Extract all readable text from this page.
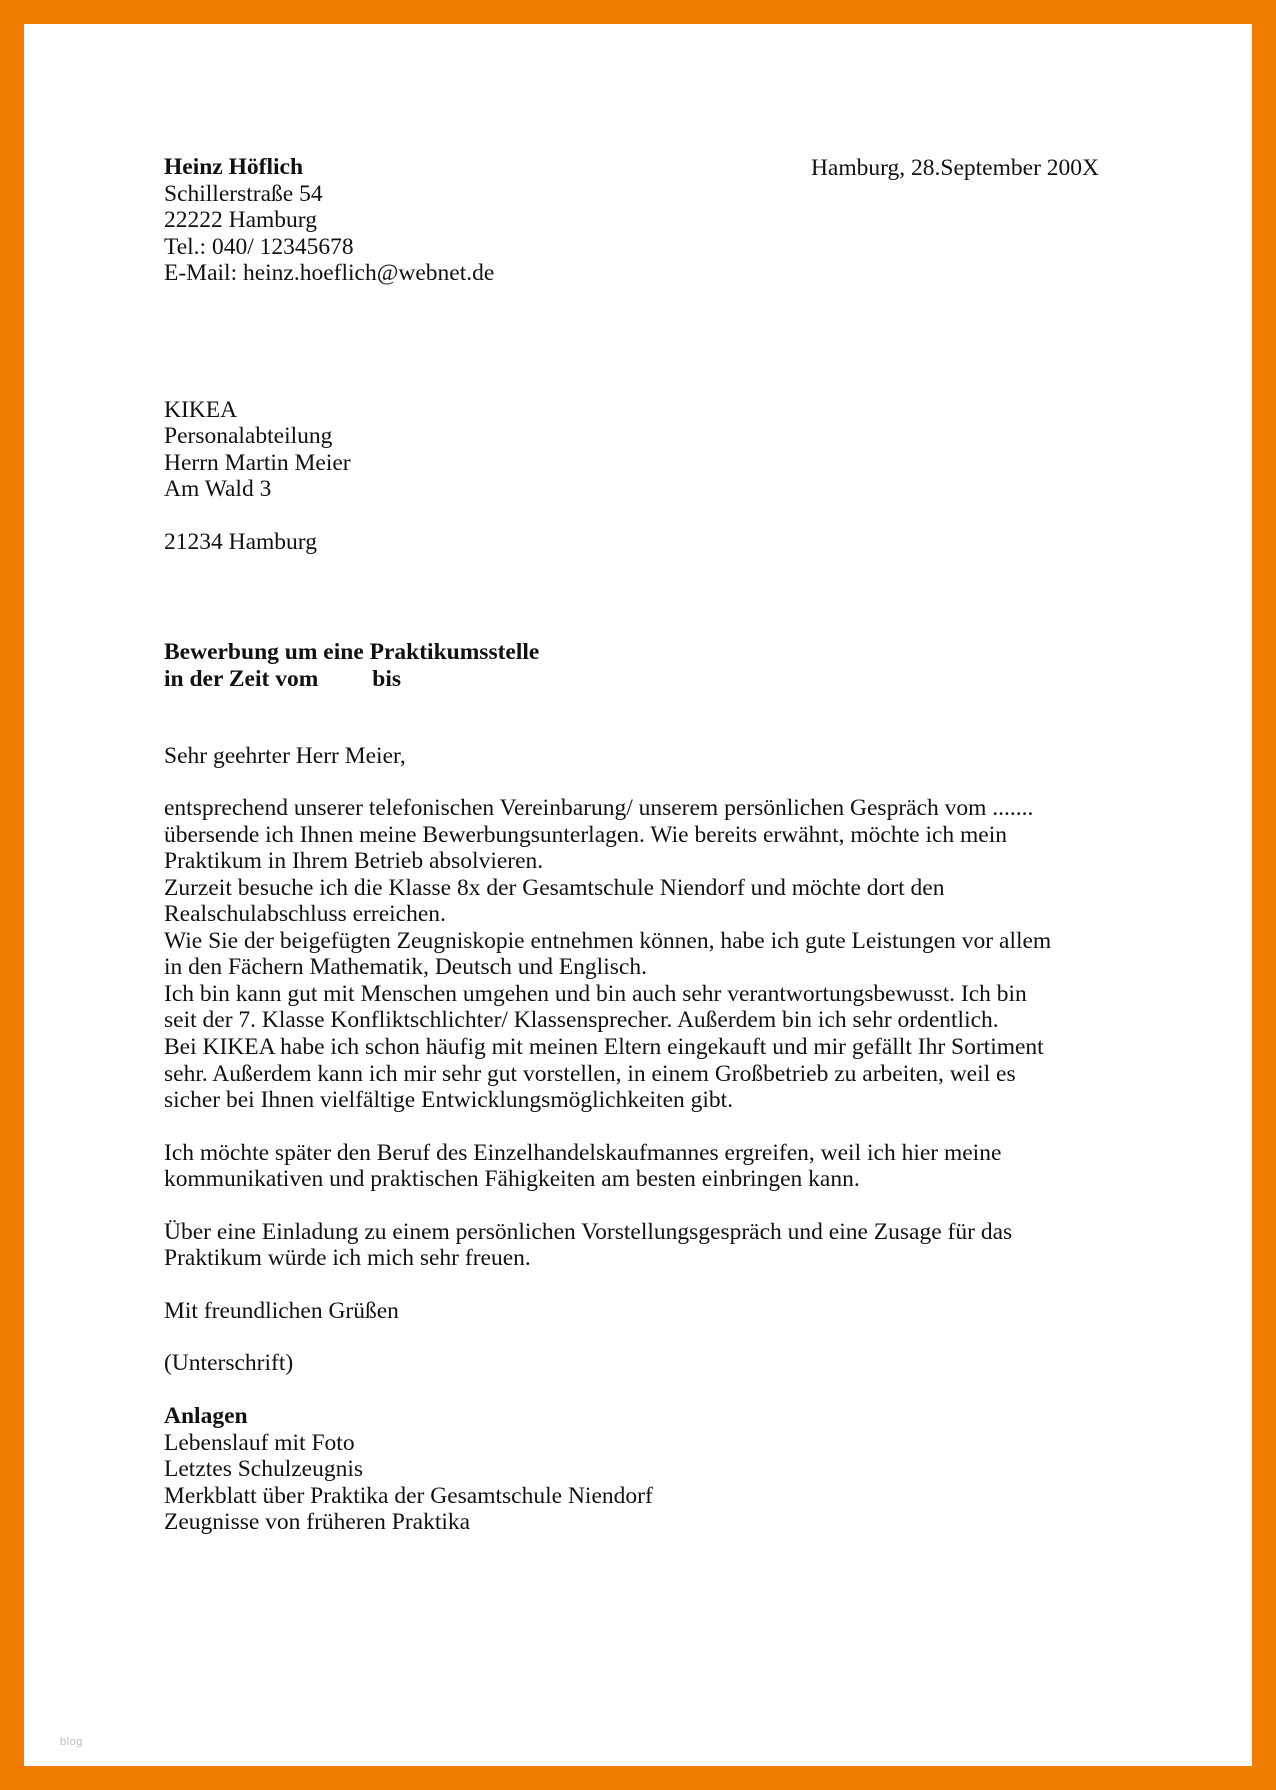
Heinz Höflich
Schillerstraße 54
22222 Hamburg
Tel.: 040/ 12345678
E-Mail: heinz.hoeflich@webnet.de
Hamburg, 28.September 200X
KIKEA
Personalabteilung
Herrn Martin Meier
Am Wald 3

21234 Hamburg
Bewerbung um eine Praktikumsstelle
in der Zeit vom bis
Sehr geehrter Herr Meier,
entsprechend unserer telefonischen Vereinbarung/ unserem persönlichen Gespräch vom .......
übersende ich Ihnen meine Bewerbungsunterlagen. Wie bereits erwähnt, möchte ich mein
Praktikum in Ihrem Betrieb absolvieren.
Zurzeit besuche ich die Klasse 8x der Gesamtschule Niendorf und möchte dort den
Realschulabschluss erreichen.
Wie Sie der beigefügten Zeugniskopie entnehmen können, habe ich gute Leistungen vor allem
in den Fächern Mathematik, Deutsch und Englisch.
Ich bin kann gut mit Menschen umgehen und bin auch sehr verantwortungsbewusst. Ich bin
seit der 7. Klasse Konfliktschlichter/ Klassensprecher. Außerdem bin ich sehr ordentlich.
Bei KIKEA habe ich schon häufig mit meinen Eltern eingekauft und mir gefällt Ihr Sortiment
sehr. Außerdem kann ich mir sehr gut vorstellen, in einem Großbetrieb zu arbeiten, weil es
sicher bei Ihnen vielfältige Entwicklungsmöglichkeiten gibt.
Ich möchte später den Beruf des Einzelhandelskaufmannes ergreifen, weil ich hier meine
kommunikativen und praktischen Fähigkeiten am besten einbringen kann.
Über eine Einladung zu einem persönlichen Vorstellungsgespräch und eine Zusage für das
Praktikum würde ich mich sehr freuen.
Mit freundlichen Grüßen
(Unterschrift)
Anlagen
Lebenslauf mit Foto
Letztes Schulzeugnis
Merkblatt über Praktika der Gesamtschule Niendorf
Zeugnisse von früheren Praktika
blog
